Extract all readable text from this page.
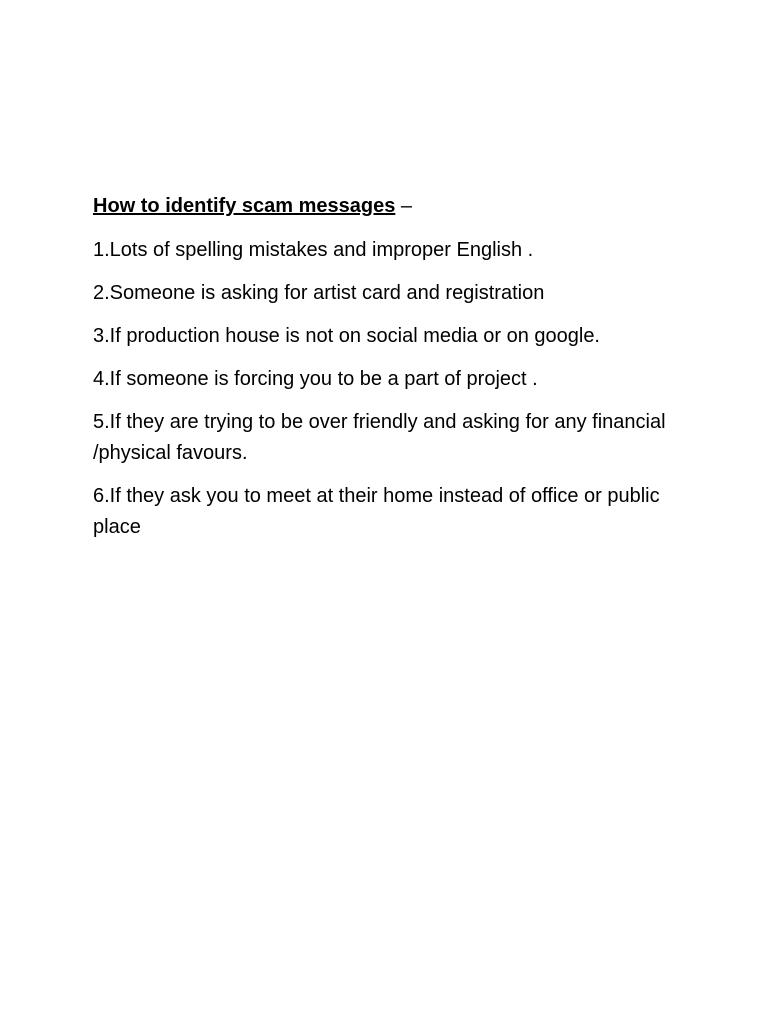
How to identify scam messages –
1.Lots of spelling mistakes and improper English .
2.Someone is asking for artist card and registration
3.If production house is not on social media or on google.
4.If someone is forcing you to be a part of project .
5.If they are trying to be over friendly and asking for any financial /physical favours.
6.If they ask you to meet at their home instead of office or public place
